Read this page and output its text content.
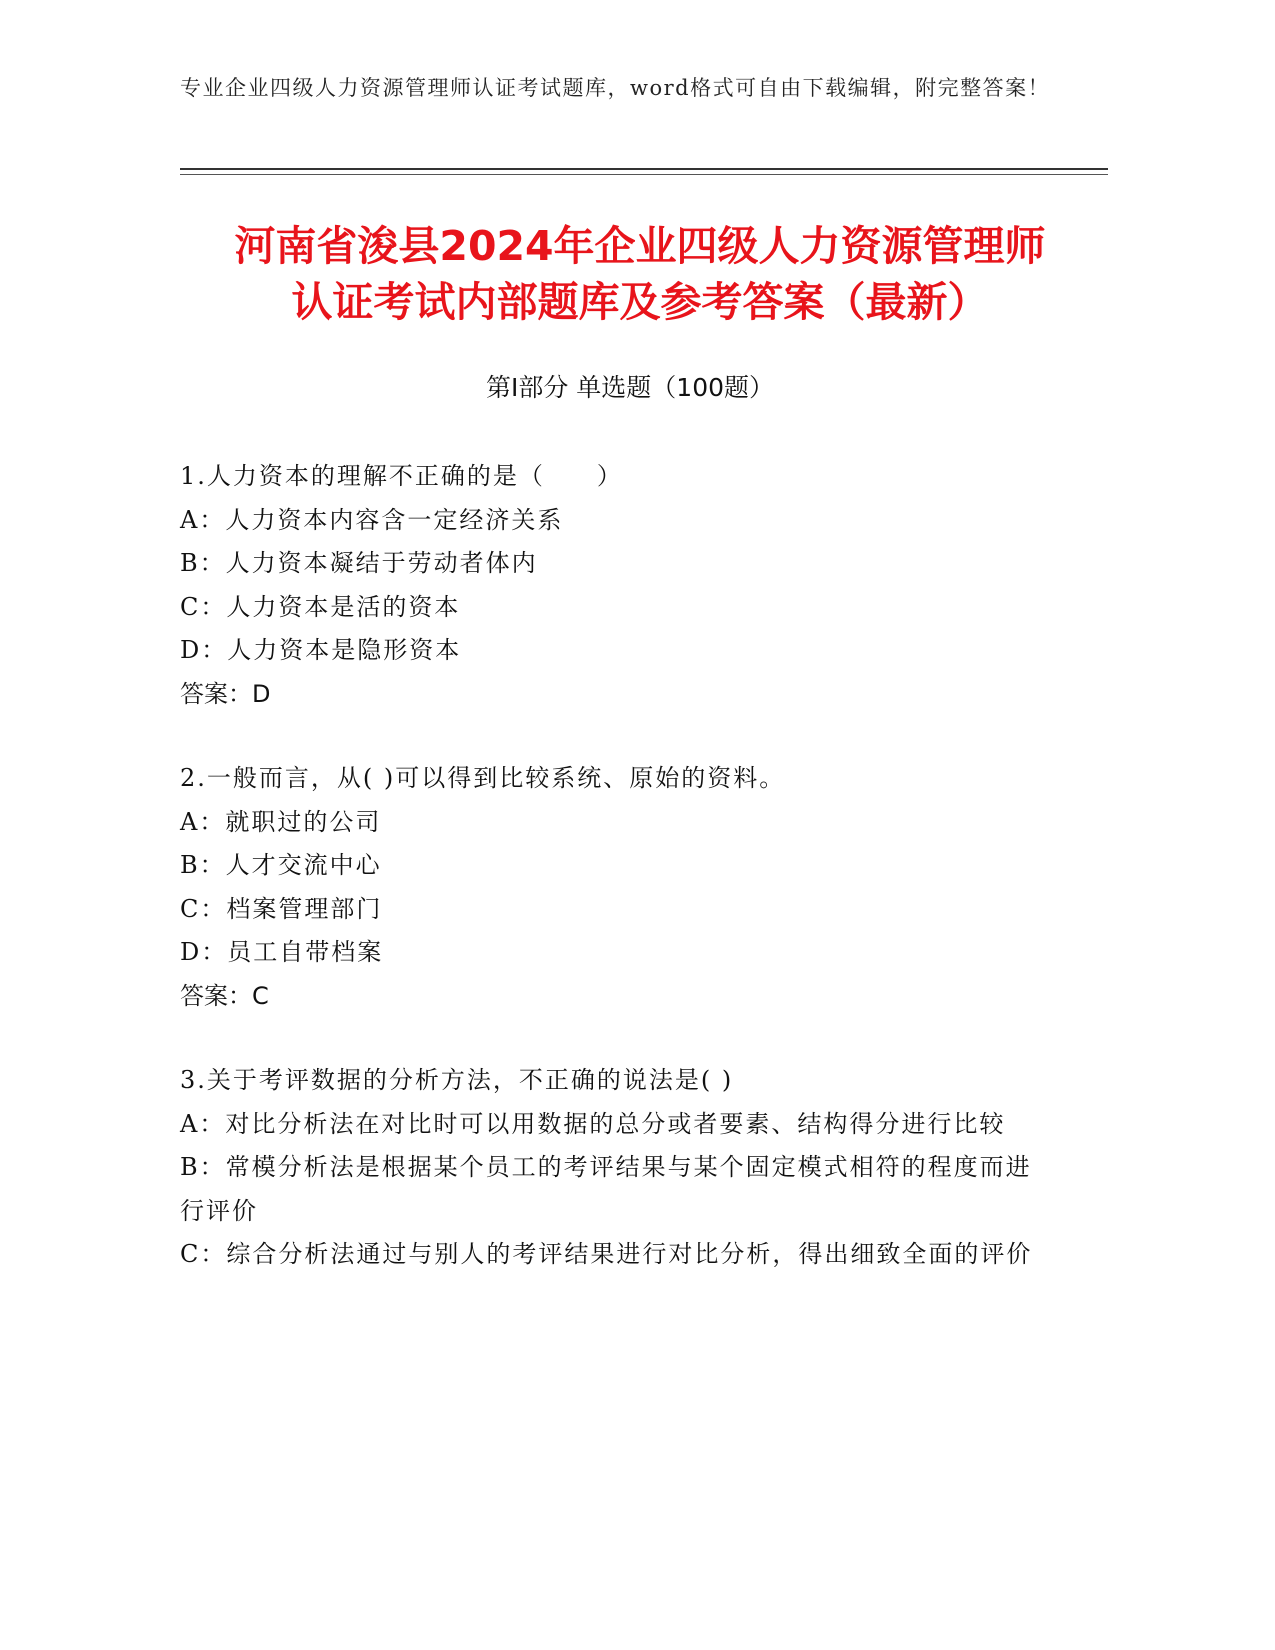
专业企业四级人力资源管理师认证考试题库，word格式可自由下载编辑，附完整答案！
河南省浚县2024年企业四级人力资源管理师
认证考试内部题库及参考答案（最新）
第Ⅰ部分 单选题（100题）
1.人力资本的理解不正确的是（　　）
A：人力资本内容含一定经济关系
B：人力资本凝结于劳动者体内
C：人力资本是活的资本
D：人力资本是隐形资本
答案：D
2.一般而言，从( )可以得到比较系统、原始的资料。
A：就职过的公司
B：人才交流中心
C：档案管理部门
D：员工自带档案
答案：C
3.关于考评数据的分析方法，不正确的说法是( )
A：对比分析法在对比时可以用数据的总分或者要素、结构得分进行比较
B：常模分析法是根据某个员工的考评结果与某个固定模式相符的程度而进行评价
C：综合分析法通过与别人的考评结果进行对比分析，得出细致全面的评价
